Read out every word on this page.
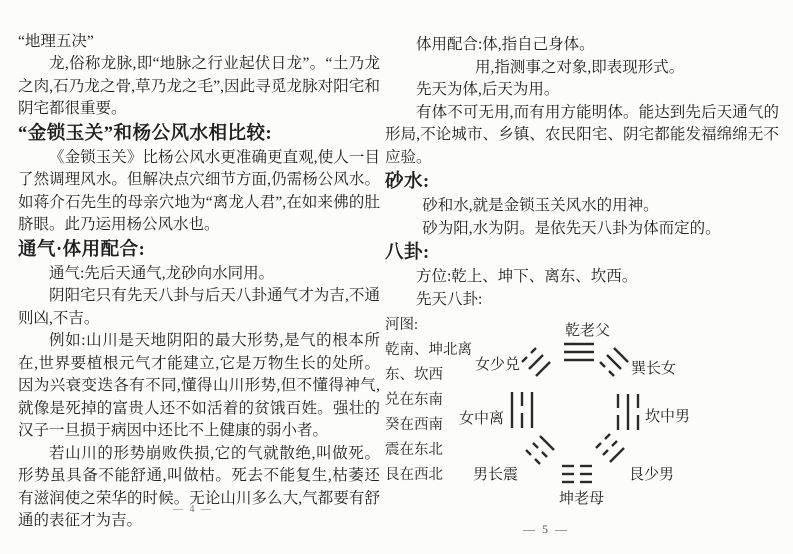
“地理五决”

龙,俗称龙脉,即“地脉之行业起伏日龙”。“土乃龙之肉,石乃龙之骨,草乃龙之毛”,因此寻觅龙脉对阳宅和阴宅都很重要。

“金锁玉关”和杨公风水相比较:

《金锁玉关》比杨公风水更准确更直观,使人一目了然调理风水。但解决点穴细节方面,仍需杨公风水。如蒋介石先生的母亲穴地为“离龙人君”,在如来佛的肚脐眼。此乃运用杨公风水也。

通气·体用配合:

通气:先后天通气,龙砂向水同用。

阴阳宅只有先天八卦与后天八卦通气才为吉,不通则凶,不吉。

例如:山川是天地阴阳的最大形势,是气的根本所在,世界要植根元气才能建立,它是万物生长的处所。因为兴衰变迭各有不同,懂得山川形势,但不懂得神气,就像是死掉的富贵人还不如活着的贫饿百姓。强壮的汉子一旦损于病因中还比不上健康的弱小者。

若山川的形势崩败佚损,它的气就散绝,叫做死。形势虽具备不能舒通,叫做枯。死去不能复生,枯萎还有滋润使之荣华的时候。无论山川多么大,气都要有舒通的表征才为吉。

— 4 —

体用配合:体,指自己身体。

用,指测事之对象,即表现形式。

先天为体,后天为用。

有体不可无用,而有用方能明体。能达到先后天通气的形局,不论城市、乡镇、农民阳宅、阴宅都能发福绵绵无不应验。

砂水:

砂和水,就是金锁玉关风水的用神。

砂为阳,水为阴。是依先天八卦为体而定的。

八卦:

方位:乾上、坤下、离东、坎西。

先天八卦:

河图:
乾南、坤北离
东、坎西
兑在东南
癸在西南
震在东北
艮在西北
乾老父
女少兑	巽长女
女中离	坎中男
男长震	艮少男
坤老母
— 5 —
